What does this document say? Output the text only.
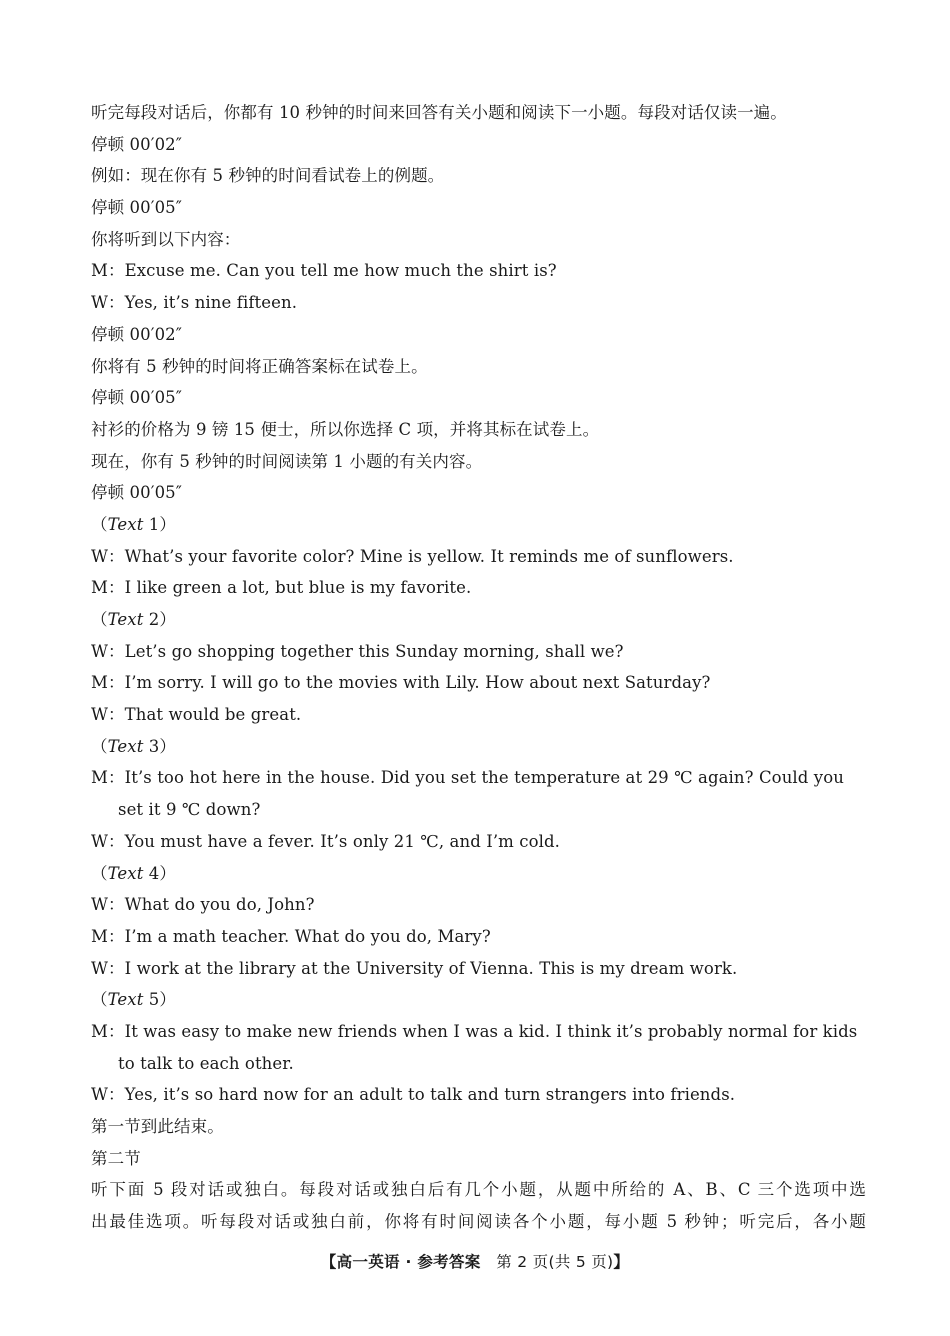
听完每段对话后，你都有 10 秒钟的时间来回答有关小题和阅读下一小题。每段对话仅读一遍。
停顿 00′02″
例如：现在你有 5 秒钟的时间看试卷上的例题。
停顿 00′05″
你将听到以下内容：
M：Excuse me. Can you tell me how much the shirt is?
W：Yes, it’s nine fifteen.
停顿 00′02″
你将有 5 秒钟的时间将正确答案标在试卷上。
停顿 00′05″
衬衫的价格为 9 镑 15 便士，所以你选择 C 项，并将其标在试卷上。
现在，你有 5 秒钟的时间阅读第 1 小题的有关内容。
停顿 00′05″
（Text 1）
W：What’s your favorite color? Mine is yellow. It reminds me of sunflowers.
M：I like green a lot, but blue is my favorite.
（Text 2）
W：Let’s go shopping together this Sunday morning, shall we?
M：I’m sorry. I will go to the movies with Lily. How about next Saturday?
W：That would be great.
（Text 3）
M：It’s too hot here in the house. Did you set the temperature at 29 ℃ again? Could you set it 9 ℃ down?
W：You must have a fever. It’s only 21 ℃, and I’m cold.
（Text 4）
W：What do you do, John?
M：I’m a math teacher. What do you do, Mary?
W：I work at the library at the University of Vienna. This is my dream work.
（Text 5）
M：It was easy to make new friends when I was a kid. I think it’s probably normal for kids to talk to each other.
W：Yes, it’s so hard now for an adult to talk and turn strangers into friends.
第一节到此结束。
第二节
听下面 5 段对话或独白。每段对话或独白后有几个小题，从题中所给的 A、B、C 三个选项中选
出最佳选项。听每段对话或独白前，你将有时间阅读各个小题，每小题 5 秒钟；听完后，各小题
【高一英语 · 参考答案 第 2 页(共 5 页)】
